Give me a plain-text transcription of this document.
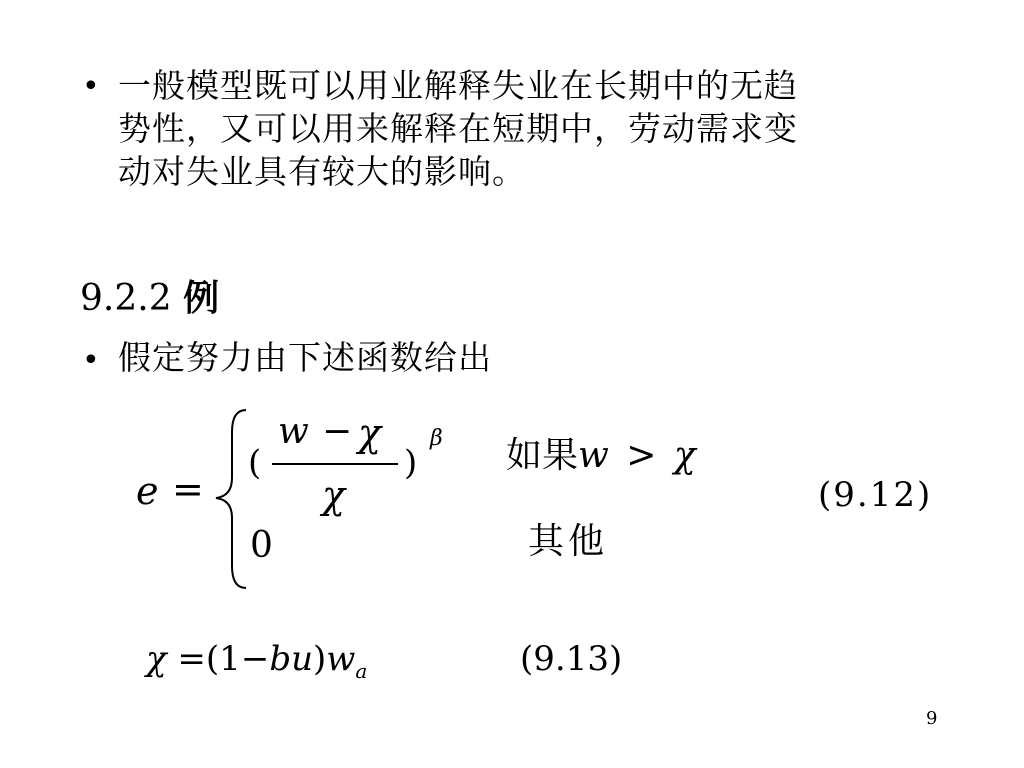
• 一般模型既可以用业解释失业在长期中的无趋
势性，又可以用来解释在短期中，劳动需求变
动对失业具有较大的影响。
9.2.2 例
• 假定努力由下述函数给出
e =
(
w − χ
χ
)
β 如果w > χ
0	其他
(9.12)
$\chi =(1-bu)w_a$	(9.13)
9
